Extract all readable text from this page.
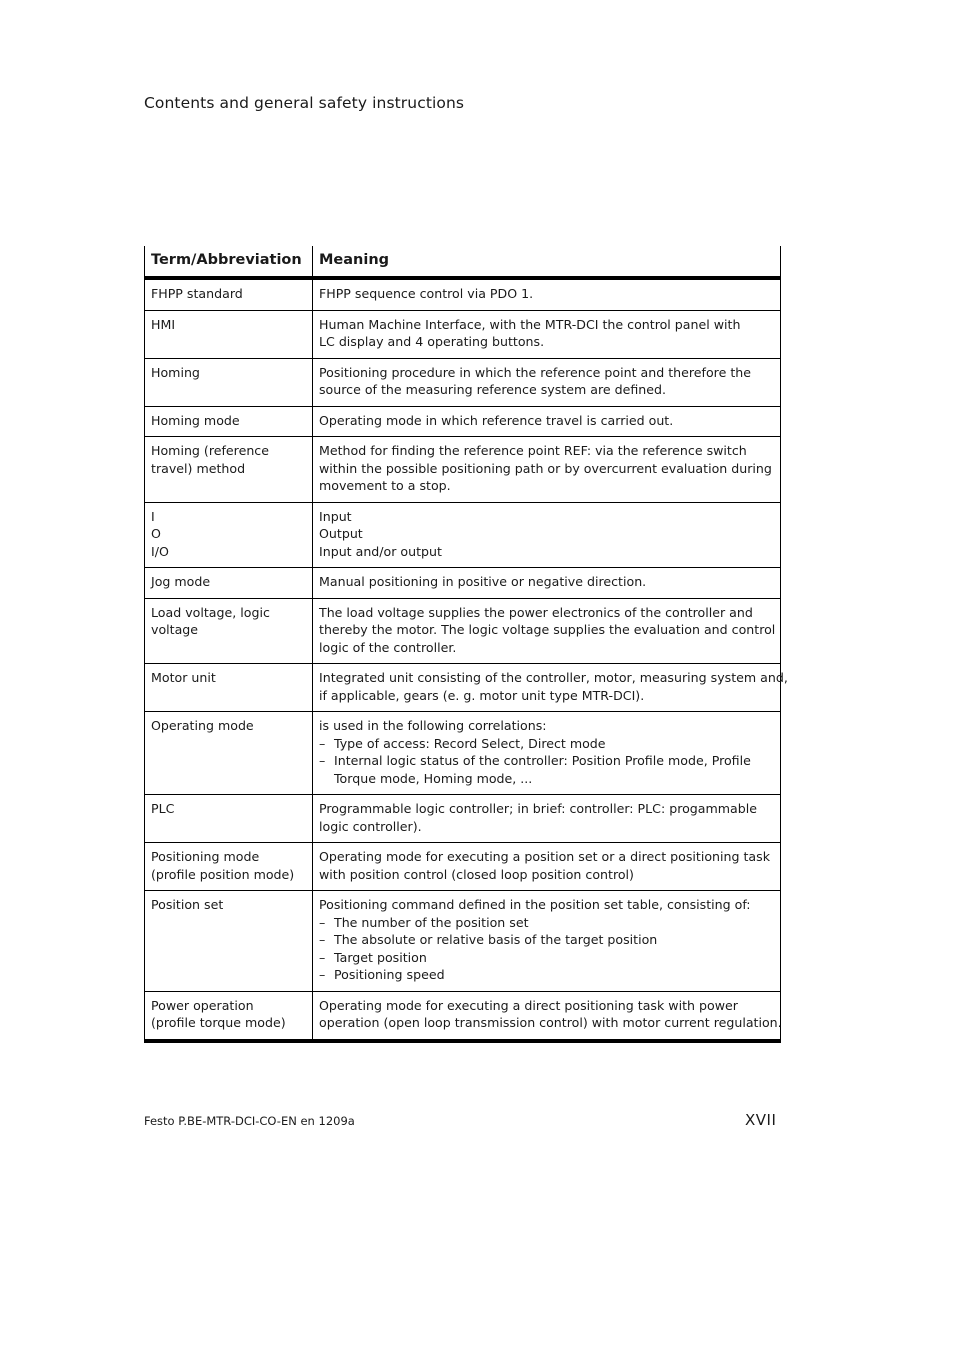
Contents and general safety instructions
Term/Abbreviation	Meaning

FHPP standard	FHPP sequence control via PDO 1.

HMI	Human Machine Interface, with the MTR-DCI the control panel with
LC display and 4 operating buttons.

Homing	Positioning procedure in which the reference point and therefore the
source of the measuring reference system are defined.

Homing mode	Operating mode in which reference travel is carried out.

Homing (reference
travel) method	Method for finding the reference point REF: via the reference switch
within the possible positioning path or by overcurrent evaluation during
movement to a stop.

I
O
I/O	Input
Output
Input and/or output

Jog mode	Manual positioning in positive or negative direction.

Load voltage, logic
voltage	The load voltage supplies the power electronics of the controller and
thereby the motor. The logic voltage supplies the evaluation and control
logic of the controller.

Motor unit	Integrated unit consisting of the controller, motor, measuring system and,
if applicable, gears (e. g. motor unit type MTR-DCI).

Operating mode	is used in the following correlations:
– Type of access: Record Select, Direct mode
– Internal logic status of the controller: Position Profile mode, Profile Torque mode, Homing mode, ...

PLC	Programmable logic controller; in brief: controller: PLC: progammable
logic controller).

Positioning mode
(profile position mode)	Operating mode for executing a position set or a direct positioning task
with position control (closed loop position control)

Position set	Positioning command defined in the position set table, consisting of:
– The number of the position set
– The absolute or relative basis of the target position
– Target position
– Positioning speed

Power operation
(profile torque mode)	Operating mode for executing a direct positioning task with power
operation (open loop transmission control) with motor current regulation.
Festo P.BE-MTR-DCI-CO-EN en 1209a	XVII
